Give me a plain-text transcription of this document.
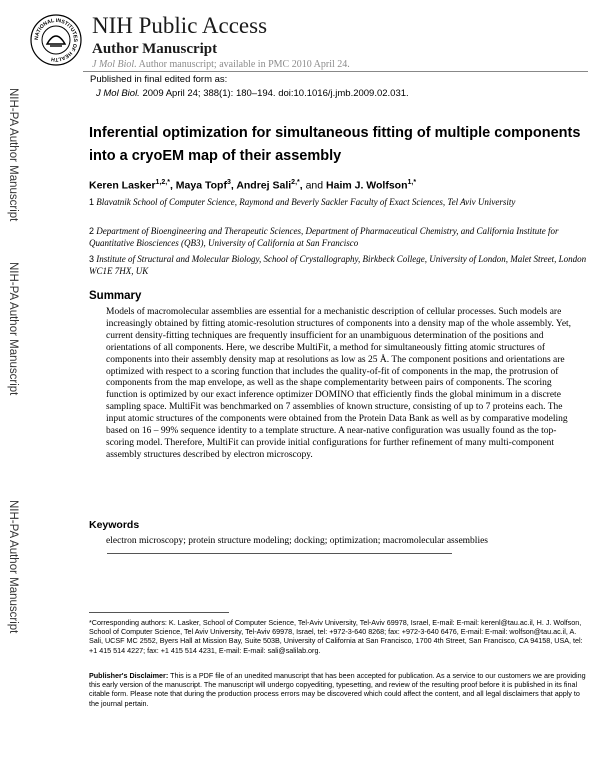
NATIONAL INSTITUTES OF HEALTH
NIH Public Access
Author Manuscript
J Mol Biol. Author manuscript; available in PMC 2010 April 24.
Published in final edited form as:
J Mol Biol. 2009 April 24; 388(1): 180–194. doi:10.1016/j.jmb.2009.02.031.
NIH-PA Author Manuscript
NIH-PA Author Manuscript
NIH-PA Author Manuscript
Inferential optimization for simultaneous fitting of multiple components into a cryoEM map of their assembly
Keren Lasker$^{1,2,*}$, Maya Topf$^3$, Andrej Sali$^{2,*}$, and Haim J. Wolfson$^{1,*}$
1 Blavatnik School of Computer Science, Raymond and Beverly Sackler Faculty of Exact Sciences, Tel Aviv University
2 Department of Bioengineering and Therapeutic Sciences, Department of Pharmaceutical Chemistry, and California Institute for Quantitative Biosciences (QB3), University of California at San Francisco
3 Institute of Structural and Molecular Biology, School of Crystallography, Birkbeck College, University of London, Malet Street, London WC1E 7HX, UK
Summary
Models of macromolecular assemblies are essential for a mechanistic description of cellular processes. Such models are increasingly obtained by fitting atomic-resolution structures of components into a density map of the whole assembly. Yet, current density-fitting techniques are frequently insufficient for an unambiguous determination of the positions and orientations of all components. Here, we describe MultiFit, a method for simultaneously fitting atomic structures of components into their assembly density map at resolutions as low as 25 Å. The component positions and orientations are optimized with respect to a scoring function that includes the quality-of-fit of components in the map, the protrusion of components from the map envelope, as well as the shape complementarity between pairs of components. The scoring function is optimized by our exact inference optimizer DOMINO that efficiently finds the global minimum in a discrete sampling space. MultiFit was benchmarked on 7 assemblies of known structure, consisting of up to 7 proteins each. The input atomic structures of the components were obtained from the Protein Data Bank as well as by comparative modeling based on 16 – 99% sequence identity to a template structure. A near-native configuration was usually found as the top-scoring model. Therefore, MultiFit can provide initial configurations for further refinement of many multi-component assembly structures described by electron microscopy.
Keywords
electron microscopy; protein structure modeling; docking; optimization; macromolecular assemblies
*Corresponding authors: K. Lasker, School of Computer Science, Tel-Aviv University, Tel-Aviv 69978, Israel, E-mail: E-mail: kerenl@tau.ac.il, H. J. Wolfson, School of Computer Science, Tel Aviv University, Tel-Aviv 69978, Israel, tel: +972-3-640 8268; fax: +972-3-640 6476, E-mail: E-mail: wolfson@tau.ac.il, A. Sali, UCSF MC 2552, Byers Hall at Mission Bay, Suite 503B, University of California at San Francisco, 1700 4th Street, San Francisco, CA 94158, USA, tel: +1 415 514 4227; fax: +1 415 514 4231, E-mail: E-mail: sali@salilab.org.
Publisher's Disclaimer: This is a PDF file of an unedited manuscript that has been accepted for publication. As a service to our customers we are providing this early version of the manuscript. The manuscript will undergo copyediting, typesetting, and review of the resulting proof before it is published in its final citable form. Please note that during the production process errors may be discovered which could affect the content, and all legal disclaimers that apply to the journal pertain.
